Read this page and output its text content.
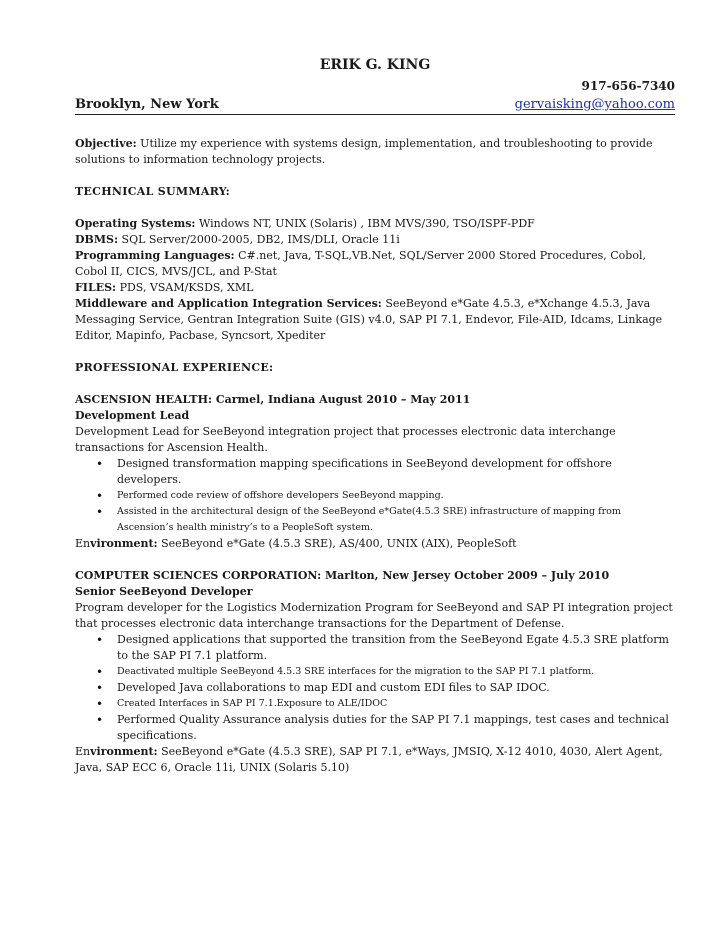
ERIK G. KING
917-656-7340
Brooklyn, New York	gervaisking@yahoo.com
Objective: Utilize my experience with systems design, implementation, and troubleshooting to provide solutions to information technology projects.
TECHNICAL SUMMARY:
Operating Systems: Windows NT, UNIX (Solaris) , IBM MVS/390, TSO/ISPF-PDF
DBMS: SQL Server/2000-2005, DB2, IMS/DLI, Oracle 11i
Programming Languages: C#.net, Java, T-SQL,VB.Net, SQL/Server 2000 Stored Procedures, Cobol, Cobol II, CICS, MVS/JCL, and P-Stat
FILES: PDS, VSAM/KSDS, XML
Middleware and Application Integration Services: SeeBeyond e*Gate 4.5.3, e*Xchange 4.5.3, Java Messaging Service, Gentran Integration Suite (GIS) v4.0, SAP PI 7.1, Endevor, File-AID, Idcams, Linkage Editor, Mapinfo, Pacbase, Syncsort, Xpediter
PROFESSIONAL EXPERIENCE:
ASCENSION HEALTH: Carmel, Indiana August 2010 – May 2011
Development Lead
Development Lead for SeeBeyond integration project that processes electronic data interchange transactions for Ascension Health.
• Designed transformation mapping specifications in SeeBeyond development for offshore developers.
• Performed code review of offshore developers SeeBeyond mapping.
• Assisted in the architectural design of the SeeBeyond e*Gate(4.5.3 SRE) infrastructure of mapping from Ascension’s health ministry’s to a PeopleSoft system.
Environment: SeeBeyond e*Gate (4.5.3 SRE), AS/400, UNIX (AIX), PeopleSoft
COMPUTER SCIENCES CORPORATION: Marlton, New Jersey October 2009 – July 2010
Senior SeeBeyond Developer
Program developer for the Logistics Modernization Program for SeeBeyond and SAP PI integration project that processes electronic data interchange transactions for the Department of Defense.
• Designed applications that supported the transition from the SeeBeyond Egate 4.5.3 SRE platform to the SAP PI 7.1 platform.
• Deactivated multiple SeeBeyond 4.5.3 SRE interfaces for the migration to the SAP PI 7.1 platform.
• Developed Java collaborations to map EDI and custom EDI files to SAP IDOC.
• Created Interfaces in SAP PI 7.1.Exposure to ALE/IDOC
• Performed Quality Assurance analysis duties for the SAP PI 7.1 mappings, test cases and technical specifications.
Environment: SeeBeyond e*Gate (4.5.3 SRE), SAP PI 7.1, e*Ways, JMSIQ, X-12 4010, 4030, Alert Agent, Java, SAP ECC 6, Oracle 11i, UNIX (Solaris 5.10)
